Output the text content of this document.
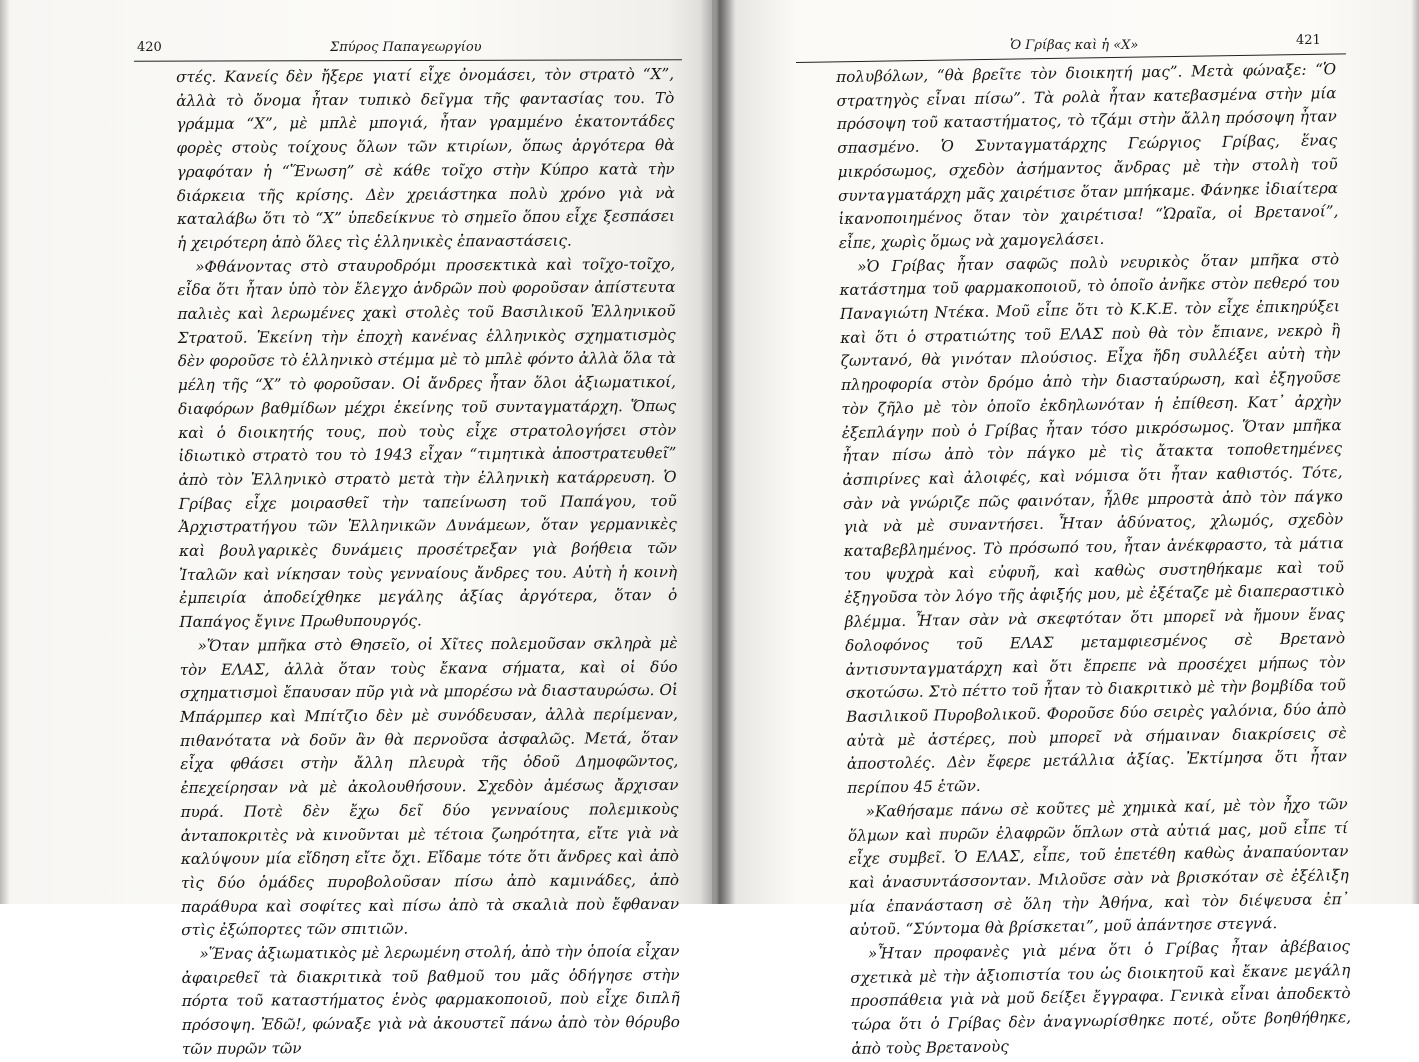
420	Σπύρος Παπαγεωργίου	Ὁ Γρίβας καὶ ἡ «Χ»	421

στές. Κανείς δὲν ἤξερε γιατί εἶχε ὀνομάσει, τὸν στρατὸ “Χ”, ἀλλὰ τὸ ὄνομα ἦταν τυπικὸ δεῖγμα τῆς φαντασίας του. Τὸ γράμμα “Χ”, μὲ μπλὲ μπογιά, ἦταν γραμμένο ἑκατοντάδες φορὲς στοὺς τοίχους ὅλων τῶν κτιρίων, ὅπως ἀργότερα θὰ γραφόταν ἡ “Ἕνωση” σὲ κάθε τοῖχο στὴν Κύπρο κατὰ τὴν διάρκεια τῆς κρίσης. Δὲν χρειάστηκα πολὺ χρόνο γιὰ νὰ καταλάβω ὅτι τὸ “Χ” ὑπεδείκνυε τὸ σημεῖο ὅπου εἶχε ξεσπάσει ἡ χειρότερη ἀπὸ ὅλες τὶς ἑλληνικὲς ἐπαναστάσεις.

»Φθάνοντας στὸ σταυροδρόμι προσεκτικὰ καὶ τοῖχο-τοῖχο, εἶδα ὅτι ἦταν ὑπὸ τὸν ἔλεγχο ἀνδρῶν ποὺ φοροῦσαν ἀπίστευτα παλιὲς καὶ λερωμένες χακὶ στολὲς τοῦ Βασιλικοῦ Ἑλληνικοῦ Στρατοῦ. Ἐκείνη τὴν ἐποχὴ κανένας ἑλληνικὸς σχηματισμὸς δὲν φοροῦσε τὸ ἑλληνικὸ στέμμα μὲ τὸ μπλὲ φόντο ἀλλὰ ὅλα τὰ μέλη τῆς “Χ” τὸ φοροῦσαν. Οἱ ἄνδρες ἦταν ὅλοι ἀξιωματικοί, διαφόρων βαθμίδων μέχρι ἐκείνης τοῦ συνταγματάρχη. Ὅπως καὶ ὁ διοικητής τους, ποὺ τοὺς εἶχε στρατολογήσει στὸν ἰδιωτικὸ στρατὸ του τὸ 1943 εἶχαν “τιμητικὰ ἀποστρατευθεῖ” ἀπὸ τὸν Ἑλληνικὸ στρατὸ μετὰ τὴν ἑλληνικὴ κατάρρευση. Ὁ Γρίβας εἶχε μοιρασθεῖ τὴν ταπείνωση τοῦ Παπάγου, τοῦ Ἀρχιστρατήγου τῶν Ἑλληνικῶν Δυνάμεων, ὅταν γερμανικὲς καὶ βουλγαρικὲς δυνάμεις προσέτρεξαν γιὰ βοήθεια τῶν Ἰταλῶν καὶ νίκησαν τοὺς γενναίους ἄνδρες του. Αὐτὴ ἡ κοινὴ ἐμπειρία ἀποδείχθηκε μεγάλης ἀξίας ἀργότερα, ὅταν ὁ Παπάγος ἔγινε Πρωθυπουργός.

»Ὅταν μπῆκα στὸ Θησεῖο, οἱ Χῖτες πολεμοῦσαν σκληρὰ μὲ τὸν ΕΛΑΣ, ἀλλὰ ὅταν τοὺς ἔκανα σήματα, καὶ οἱ δύο σχηματισμοὶ ἔπαυσαν πῦρ γιὰ νὰ μπορέσω νὰ διασταυρώσω. Οἱ Μπάρμπερ καὶ Μπίτζιο δὲν μὲ συνόδευσαν, ἀλλὰ περίμεναν, πιθανότατα νὰ δοῦν ἂν θὰ περνοῦσα ἀσφαλῶς. Μετά, ὅταν εἶχα φθάσει στὴν ἄλλη πλευρὰ τῆς ὁδοῦ Δημοφῶντος, ἐπεχείρησαν νὰ μὲ ἀκολουθήσουν. Σχεδὸν ἀμέσως ἄρχισαν πυρά. Ποτὲ δὲν ἔχω δεῖ δύο γενναίους πολεμικοὺς ἀνταποκριτὲς νὰ κινοῦνται μὲ τέτοια ζωηρότητα, εἴτε γιὰ νὰ καλύψουν μία εἴδηση εἴτε ὄχι. Εἴδαμε τότε ὅτι ἄνδρες καὶ ἀπὸ τὶς δύο ὁμάδες πυροβολοῦσαν πίσω ἀπὸ καμινάδες, ἀπὸ παράθυρα καὶ σοφίτες καὶ πίσω ἀπὸ τὰ σκαλιὰ ποὺ ἔφθαναν στὶς ἐξώπορτες τῶν σπιτιῶν.

»Ἕνας ἀξιωματικὸς μὲ λερωμένη στολή, ἀπὸ τὴν ὁποία εἶχαν ἀφαιρεθεῖ τὰ διακριτικὰ τοῦ βαθμοῦ του μᾶς ὁδήγησε στὴν πόρτα τοῦ καταστήματος ἑνὸς φαρμακοποιοῦ, ποὺ εἶχε διπλῆ πρόσοψη. Ἐδῶ!, φώναξε γιὰ νὰ ἀκουστεῖ πάνω ἀπὸ τὸν θόρυβο τῶν πυρῶν τῶν

πολυβόλων, “θὰ βρεῖτε τὸν διοικητή μας”. Μετὰ φώναξε: “Ὁ στρατηγὸς εἶναι πίσω”. Τὰ ρολὰ ἦταν κατεβασμένα στὴν μία πρόσοψη τοῦ καταστήματος, τὸ τζάμι στὴν ἄλλη πρόσοψη ἦταν σπασμένο. Ὁ Συνταγματάρχης Γεώργιος Γρίβας, ἕνας μικρόσωμος, σχεδὸν ἀσήμαντος ἄνδρας μὲ τὴν στολὴ τοῦ συνταγματάρχη μᾶς χαιρέτισε ὅταν μπήκαμε. Φάνηκε ἰδιαίτερα ἱκανοποιημένος ὅταν τὸν χαιρέτισα! “Ὡραῖα, οἱ Βρετανοί”, εἶπε, χωρὶς ὅμως νὰ χαμογελάσει.

»Ὁ Γρίβας ἦταν σαφῶς πολὺ νευρικὸς ὅταν μπῆκα στὸ κατάστημα τοῦ φαρμακοποιοῦ, τὸ ὁποῖο ἀνῆκε στὸν πεθερό του Παναγιώτη Ντέκα. Μοῦ εἶπε ὅτι τὸ Κ.Κ.Ε. τὸν εἶχε ἐπικηρύξει καὶ ὅτι ὁ στρατιώτης τοῦ ΕΛΑΣ ποὺ θὰ τὸν ἔπιανε, νεκρὸ ἢ ζωντανό, θὰ γινόταν πλούσιος. Εἶχα ἤδη συλλέξει αὐτὴ τὴν πληροφορία στὸν δρόμο ἀπὸ τὴν διασταύρωση, καὶ ἐξηγοῦσε τὸν ζῆλο μὲ τὸν ὁποῖο ἐκδηλωνόταν ἡ ἐπίθεση. Κατ᾽ ἀρχὴν ἐξεπλάγην ποὺ ὁ Γρίβας ἦταν τόσο μικρόσωμος. Ὅταν μπῆκα ἦταν πίσω ἀπὸ τὸν πάγκο μὲ τὶς ἄτακτα τοποθετημένες ἀσπιρίνες καὶ ἀλοιφές, καὶ νόμισα ὅτι ἦταν καθιστός. Τότε, σὰν νὰ γνώριζε πῶς φαινόταν, ἦλθε μπροστὰ ἀπὸ τὸν πάγκο γιὰ νὰ μὲ συναντήσει. Ἦταν ἀδύνατος, χλωμός, σχεδὸν καταβεβλημένος. Τὸ πρόσωπό του, ἦταν ἀνέκφραστο, τὰ μάτια του ψυχρὰ καὶ εὐφυῆ, καὶ καθὼς συστηθήκαμε καὶ τοῦ ἐξηγοῦσα τὸν λόγο τῆς ἀφιξής μου, μὲ ἐξέταζε μὲ διαπεραστικὸ βλέμμα. Ἦταν σὰν νὰ σκεφτόταν ὅτι μπορεῖ νὰ ἤμουν ἕνας δολοφόνος τοῦ ΕΛΑΣ μεταμφιεσμένος σὲ Βρετανὸ ἀντισυνταγματάρχη καὶ ὅτι ἔπρεπε νὰ προσέχει μήπως τὸν σκοτώσω. Στὸ πέττο τοῦ ἦταν τὸ διακριτικὸ μὲ τὴν βομβίδα τοῦ Βασιλικοῦ Πυροβολικοῦ. Φοροῦσε δύο σειρὲς γαλόνια, δύο ἀπὸ αὐτὰ μὲ ἀστέρες, ποὺ μπορεῖ νὰ σήμαιναν διακρίσεις σὲ ἀποστολές. Δὲν ἔφερε μετάλλια ἀξίας. Ἐκτίμησα ὅτι ἦταν περίπου 45 ἐτῶν.

»Καθήσαμε πάνω σὲ κοῦτες μὲ χημικὰ καί, μὲ τὸν ἦχο τῶν ὅλμων καὶ πυρῶν ἐλαφρῶν ὅπλων στὰ αὐτιά μας, μοῦ εἶπε τί εἶχε συμβεῖ. Ὁ ΕΛΑΣ, εἶπε, τοῦ ἐπετέθη καθὼς ἀναπαύονταν καὶ ἀνασυντάσσονταν. Μιλοῦσε σὰν νὰ βρισκόταν σὲ ἐξέλιξη μία ἐπανάσταση σὲ ὅλη τὴν Ἀθήνα, καὶ τὸν διέψευσα ἐπ᾽ αὐτοῦ. “Σύντομα θὰ βρίσκεται”, μοῦ ἀπάντησε στεγνά.

»Ἦταν προφανὲς γιὰ μένα ὅτι ὁ Γρίβας ἦταν ἀβέβαιος σχετικὰ μὲ τὴν ἀξιοπιστία του ὡς διοικητοῦ καὶ ἔκανε μεγάλη προσπάθεια γιὰ νὰ μοῦ δείξει ἔγγραφα. Γενικὰ εἶναι ἀποδεκτὸ τώρα ὅτι ὁ Γρίβας δὲν ἀναγνωρίσθηκε ποτέ, οὔτε βοηθήθηκε, ἀπὸ τοὺς Βρετανοὺς
